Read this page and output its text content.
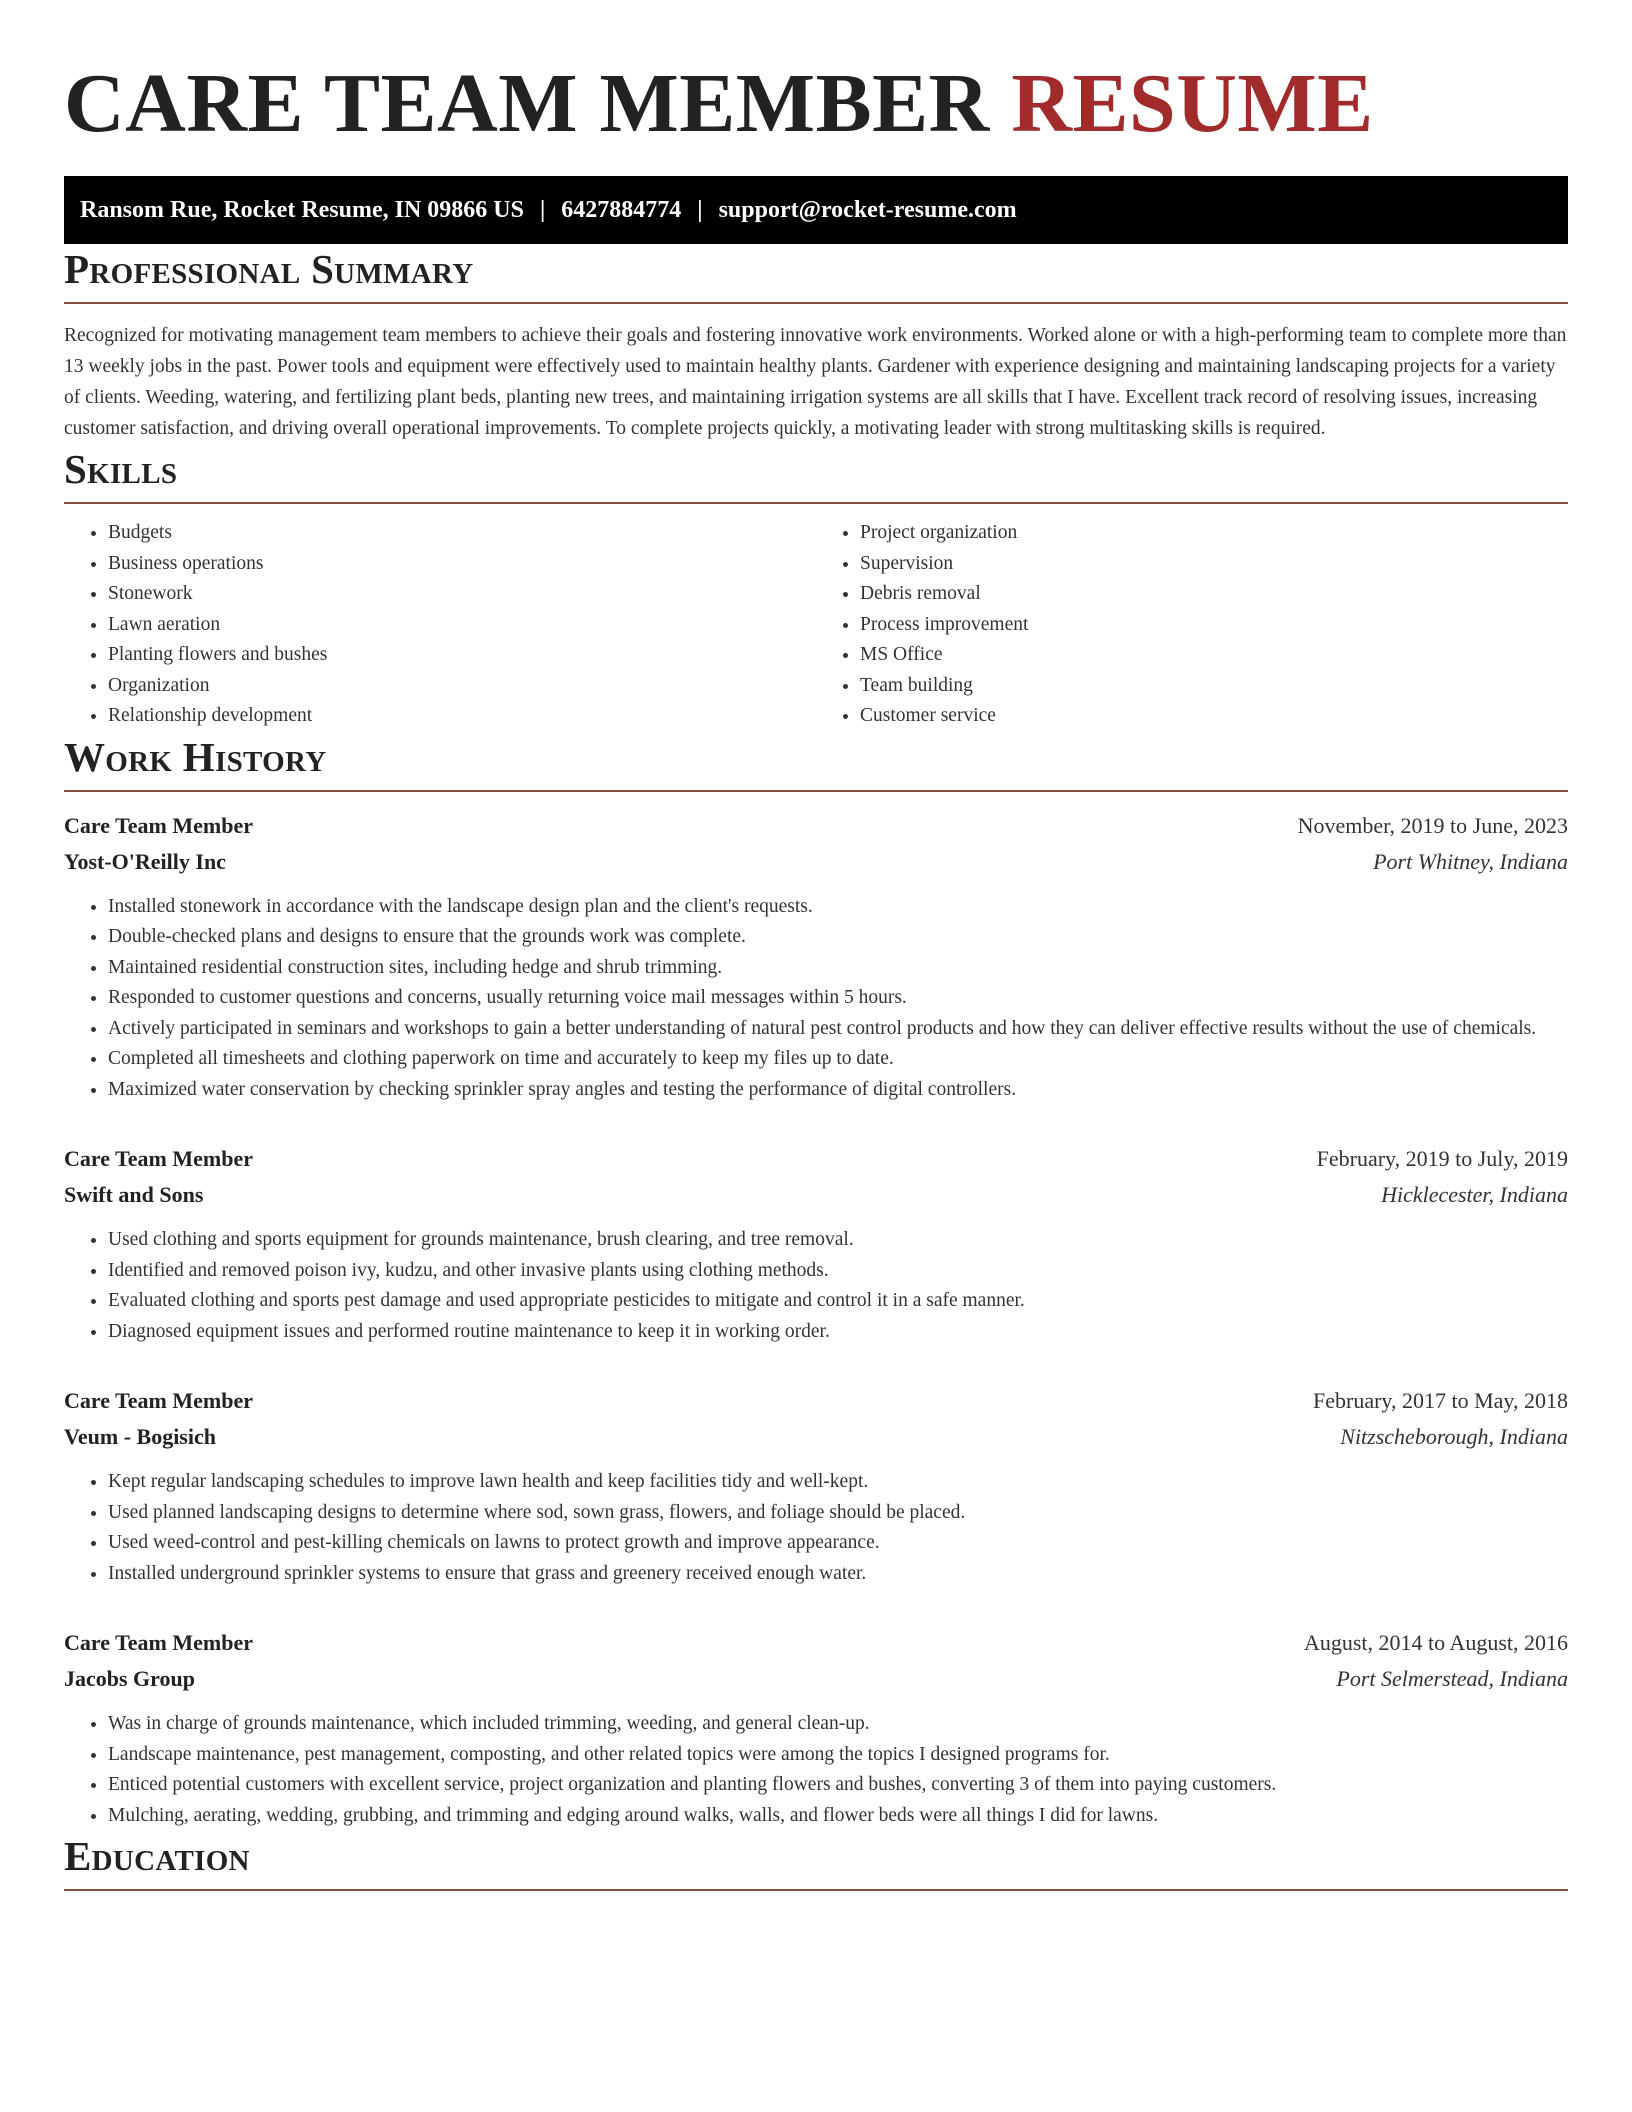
CARE TEAM MEMBER RESUME
Ransom Rue, Rocket Resume, IN 09866 US | 6427884774 | support@rocket-resume.com
Professional Summary

Recognized for motivating management team members to achieve their goals and fostering innovative work environments. Worked alone or with a high-performing team to complete more than 13 weekly jobs in the past. Power tools and equipment were effectively used to maintain healthy plants. Gardener with experience designing and maintaining landscaping projects for a variety of clients. Weeding, watering, and fertilizing plant beds, planting new trees, and maintaining irrigation systems are all skills that I have. Excellent track record of resolving issues, increasing customer satisfaction, and driving overall operational improvements. To complete projects quickly, a motivating leader with strong multitasking skills is required.

Skills
• Budgets
• Business operations
• Stonework
• Lawn aeration
• Planting flowers and bushes
• Organization
• Relationship development
• Project organization
• Supervision
• Debris removal
• Process improvement
• MS Office
• Team building
• Customer service
Work History
Care Team Member	November, 2019 to June, 2023
Yost-O'Reilly Inc	Port Whitney, Indiana
• Installed stonework in accordance with the landscape design plan and the client's requests.
• Double-checked plans and designs to ensure that the grounds work was complete.
• Maintained residential construction sites, including hedge and shrub trimming.
• Responded to customer questions and concerns, usually returning voice mail messages within 5 hours.
• Actively participated in seminars and workshops to gain a better understanding of natural pest control products and how they can deliver effective results without the use of chemicals.
• Completed all timesheets and clothing paperwork on time and accurately to keep my files up to date.
• Maximized water conservation by checking sprinkler spray angles and testing the performance of digital controllers.
Care Team Member	February, 2019 to July, 2019
Swift and Sons	Hicklecester, Indiana
• Used clothing and sports equipment for grounds maintenance, brush clearing, and tree removal.
• Identified and removed poison ivy, kudzu, and other invasive plants using clothing methods.
• Evaluated clothing and sports pest damage and used appropriate pesticides to mitigate and control it in a safe manner.
• Diagnosed equipment issues and performed routine maintenance to keep it in working order.
Care Team Member	February, 2017 to May, 2018
Veum - Bogisich	Nitzscheborough, Indiana
• Kept regular landscaping schedules to improve lawn health and keep facilities tidy and well-kept.
• Used planned landscaping designs to determine where sod, sown grass, flowers, and foliage should be placed.
• Used weed-control and pest-killing chemicals on lawns to protect growth and improve appearance.
• Installed underground sprinkler systems to ensure that grass and greenery received enough water.
Care Team Member	August, 2014 to August, 2016
Jacobs Group	Port Selmerstead, Indiana
• Was in charge of grounds maintenance, which included trimming, weeding, and general clean-up.
• Landscape maintenance, pest management, composting, and other related topics were among the topics I designed programs for.
• Enticed potential customers with excellent service, project organization and planting flowers and bushes, converting 3 of them into paying customers.
• Mulching, aerating, wedding, grubbing, and trimming and edging around walks, walls, and flower beds were all things I did for lawns.
Education
